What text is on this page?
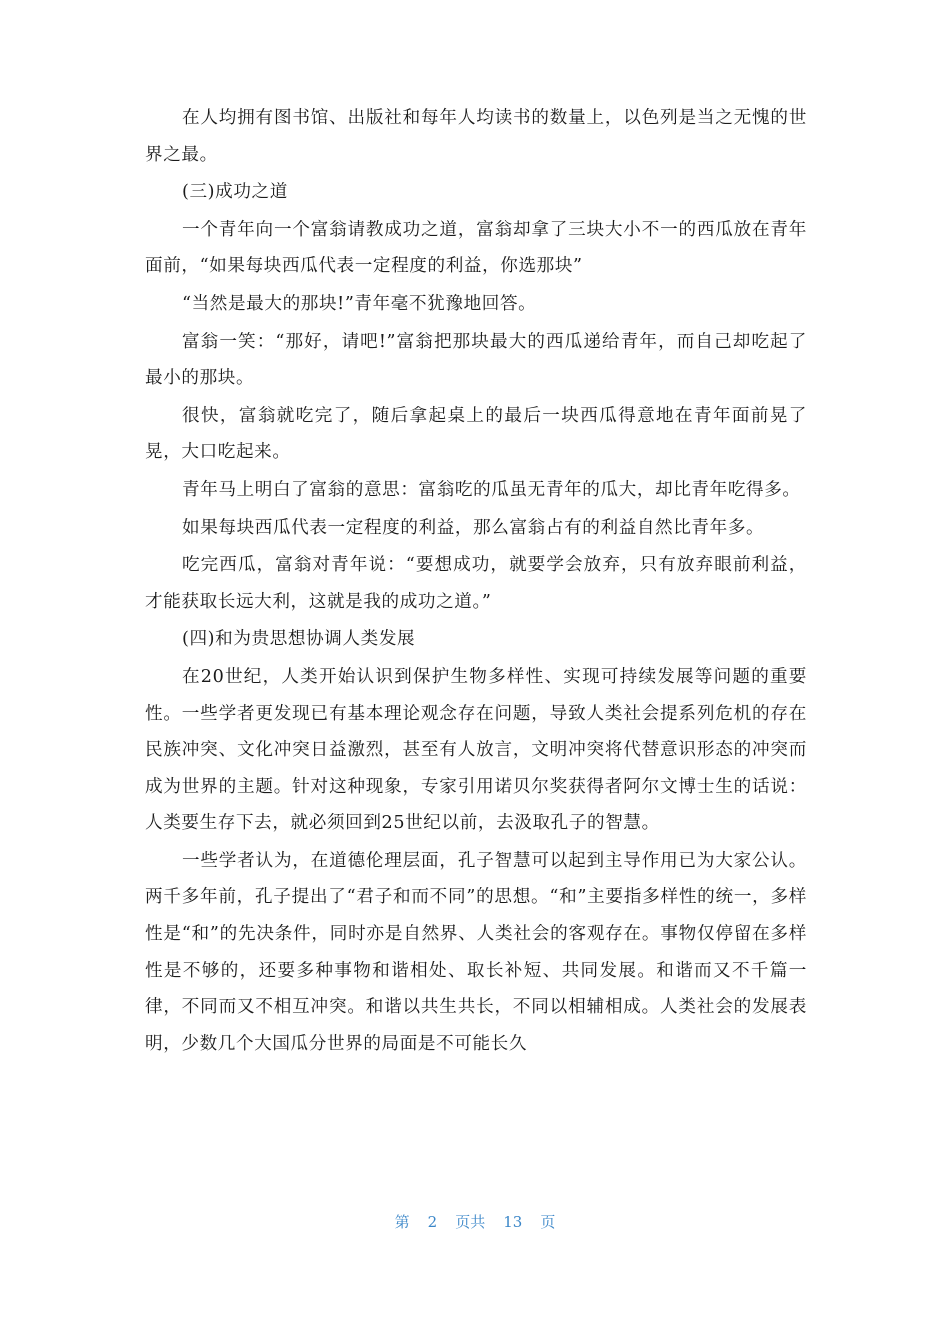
在人均拥有图书馆、出版社和每年人均读书的数量上，以色列是当之无愧的世界之最。

(三)成功之道

一个青年向一个富翁请教成功之道，富翁却拿了三块大小不一的西瓜放在青年面前，“如果每块西瓜代表一定程度的利益，你选那块”

“当然是最大的那块!”青年毫不犹豫地回答。

富翁一笑：“那好，请吧!”富翁把那块最大的西瓜递给青年，而自己却吃起了最小的那块。

很快，富翁就吃完了，随后拿起桌上的最后一块西瓜得意地在青年面前晃了晃，大口吃起来。

青年马上明白了富翁的意思：富翁吃的瓜虽无青年的瓜大，却比青年吃得多。

如果每块西瓜代表一定程度的利益，那么富翁占有的利益自然比青年多。

吃完西瓜，富翁对青年说：“要想成功，就要学会放弃，只有放弃眼前利益，才能获取长远大利，这就是我的成功之道。”

(四)和为贵思想协调人类发展

在20世纪，人类开始认识到保护生物多样性、实现可持续发展等问题的重要性。一些学者更发现已有基本理论观念存在问题，导致人类社会提系列危机的存在民族冲突、文化冲突日益激烈，甚至有人放言，文明冲突将代替意识形态的冲突而成为世界的主题。针对这种现象，专家引用诺贝尔奖获得者阿尔文博士生的话说：人类要生存下去，就必须回到25世纪以前，去汲取孔子的智慧。

一些学者认为，在道德伦理层面，孔子智慧可以起到主导作用已为大家公认。两千多年前，孔子提出了“君子和而不同”的思想。“和”主要指多样性的统一，多样性是“和”的先决条件，同时亦是自然界、人类社会的客观存在。事物仅停留在多样性是不够的，还要多种事物和谐相处、取长补短、共同发展。和谐而又不千篇一律，不同而又不相互冲突。和谐以共生共长，不同以相辅相成。人类社会的发展表明，少数几个大国瓜分世界的局面是不可能长久

第 2 页共 13 页
